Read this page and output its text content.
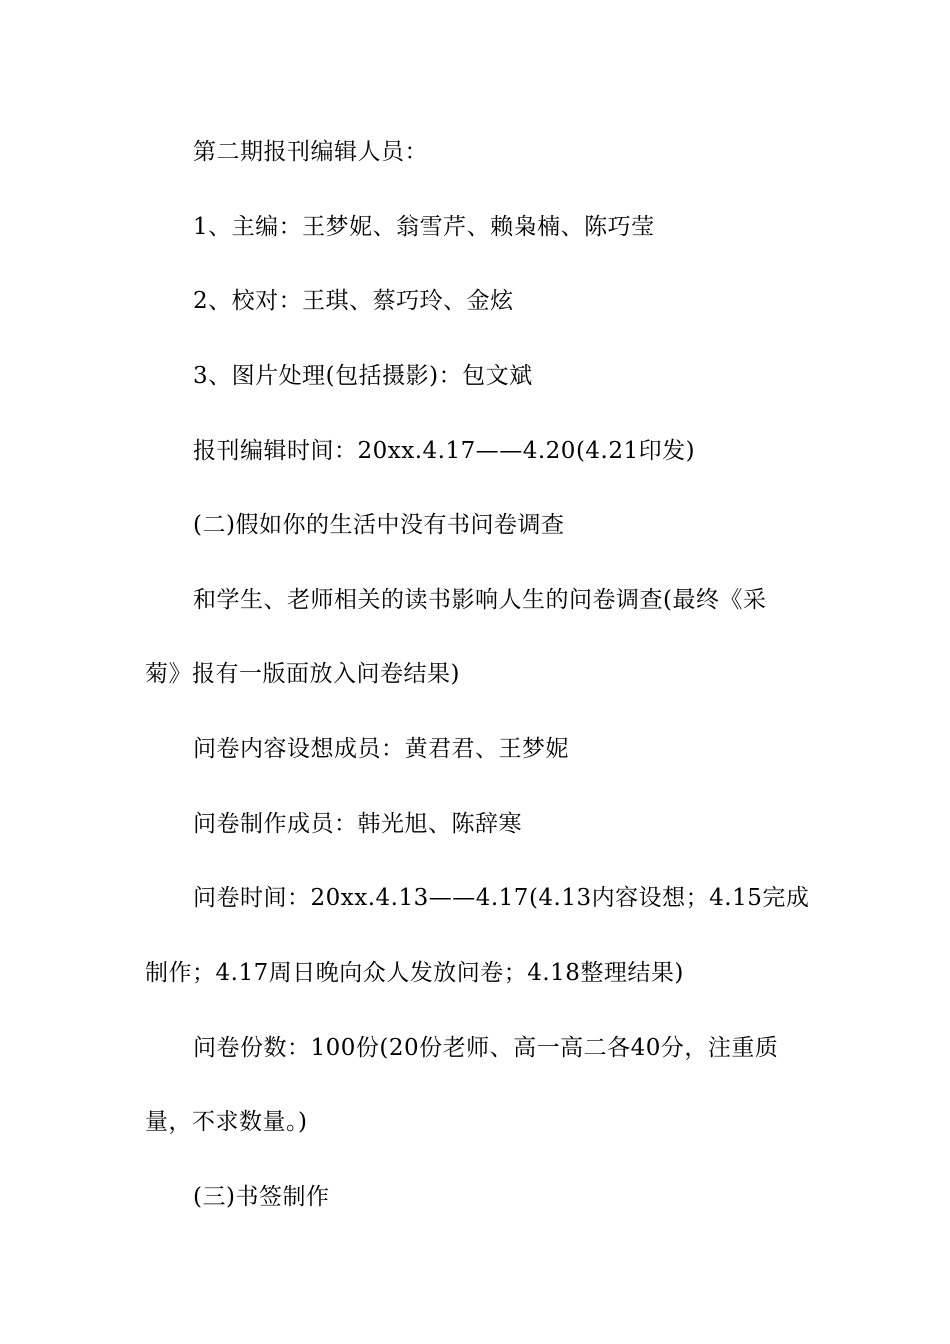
第二期报刊编辑人员：
1、主编：王梦妮、翁雪芹、赖枭楠、陈巧莹
2、校对：王琪、蔡巧玲、金炫
3、图片处理(包括摄影)：包文斌
报刊编辑时间：20xx.4.17——4.20(4.21印发)
(二)假如你的生活中没有书问卷调查
和学生、老师相关的读书影响人生的问卷调查(最终《采
菊》报有一版面放入问卷结果)
问卷内容设想成员：黄君君、王梦妮
问卷制作成员：韩光旭、陈辞寒
问卷时间：20xx.4.13——4.17(4.13内容设想；4.15完成
制作；4.17周日晚向众人发放问卷；4.18整理结果)
问卷份数：100份(20份老师、高一高二各40分，注重质
量，不求数量。)
(三)书签制作
